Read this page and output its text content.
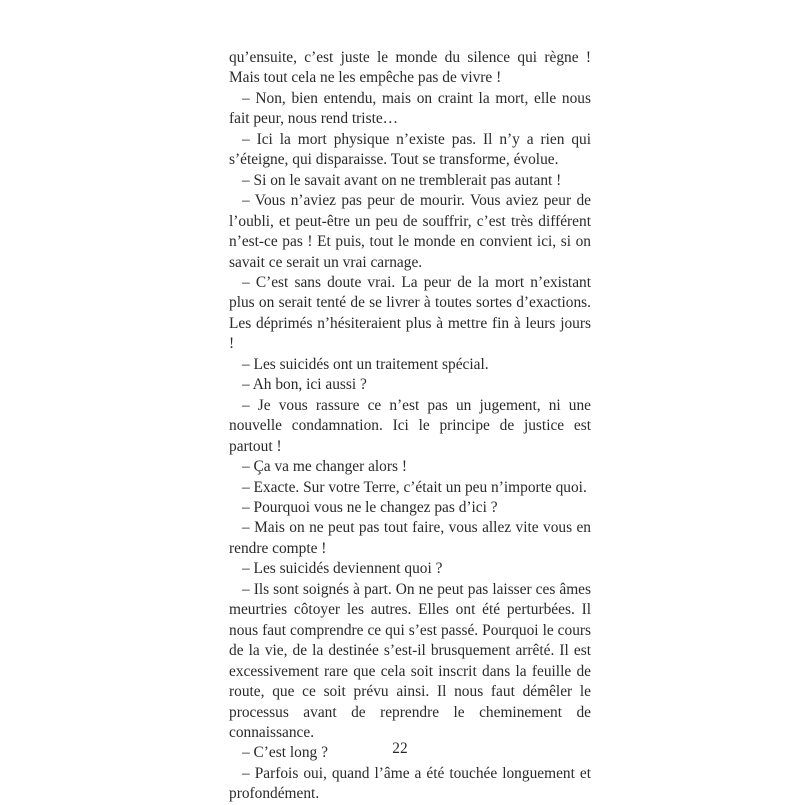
qu’ensuite, c’est juste le monde du silence qui règne ! Mais tout cela ne les empêche pas de vivre !

– Non, bien entendu, mais on craint la mort, elle nous fait peur, nous rend triste…

– Ici la mort physique n’existe pas. Il n’y a rien qui s’éteigne, qui disparaisse. Tout se transforme, évolue.

– Si on le savait avant on ne tremblerait pas autant !

– Vous n’aviez pas peur de mourir. Vous aviez peur de l’oubli, et peut-être un peu de souffrir, c’est très différent n’est-ce pas ! Et puis, tout le monde en convient ici, si on savait ce serait un vrai carnage.

– C’est sans doute vrai. La peur de la mort n’existant plus on serait tenté de se livrer à toutes sortes d’exactions. Les déprimés n’hésiteraient plus à mettre fin à leurs jours !

– Les suicidés ont un traitement spécial.

– Ah bon, ici aussi ?

– Je vous rassure ce n’est pas un jugement, ni une nouvelle condamnation. Ici le principe de justice est partout !

– Ça va me changer alors !

– Exacte. Sur votre Terre, c’était un peu n’importe quoi.

– Pourquoi vous ne le changez pas d’ici ?

– Mais on ne peut pas tout faire, vous allez vite vous en rendre compte !

– Les suicidés deviennent quoi ?

– Ils sont soignés à part. On ne peut pas laisser ces âmes meurtries côtoyer les autres. Elles ont été perturbées. Il nous faut comprendre ce qui s’est passé. Pourquoi le cours de la vie, de la destinée s’est-il brusquement arrêté. Il est excessivement rare que cela soit inscrit dans la feuille de route, que ce soit prévu ainsi. Il nous faut démêler le processus avant de reprendre le cheminement de connaissance.

– C’est long ?

– Parfois oui, quand l’âme a été touchée longuement et profondément.

22
